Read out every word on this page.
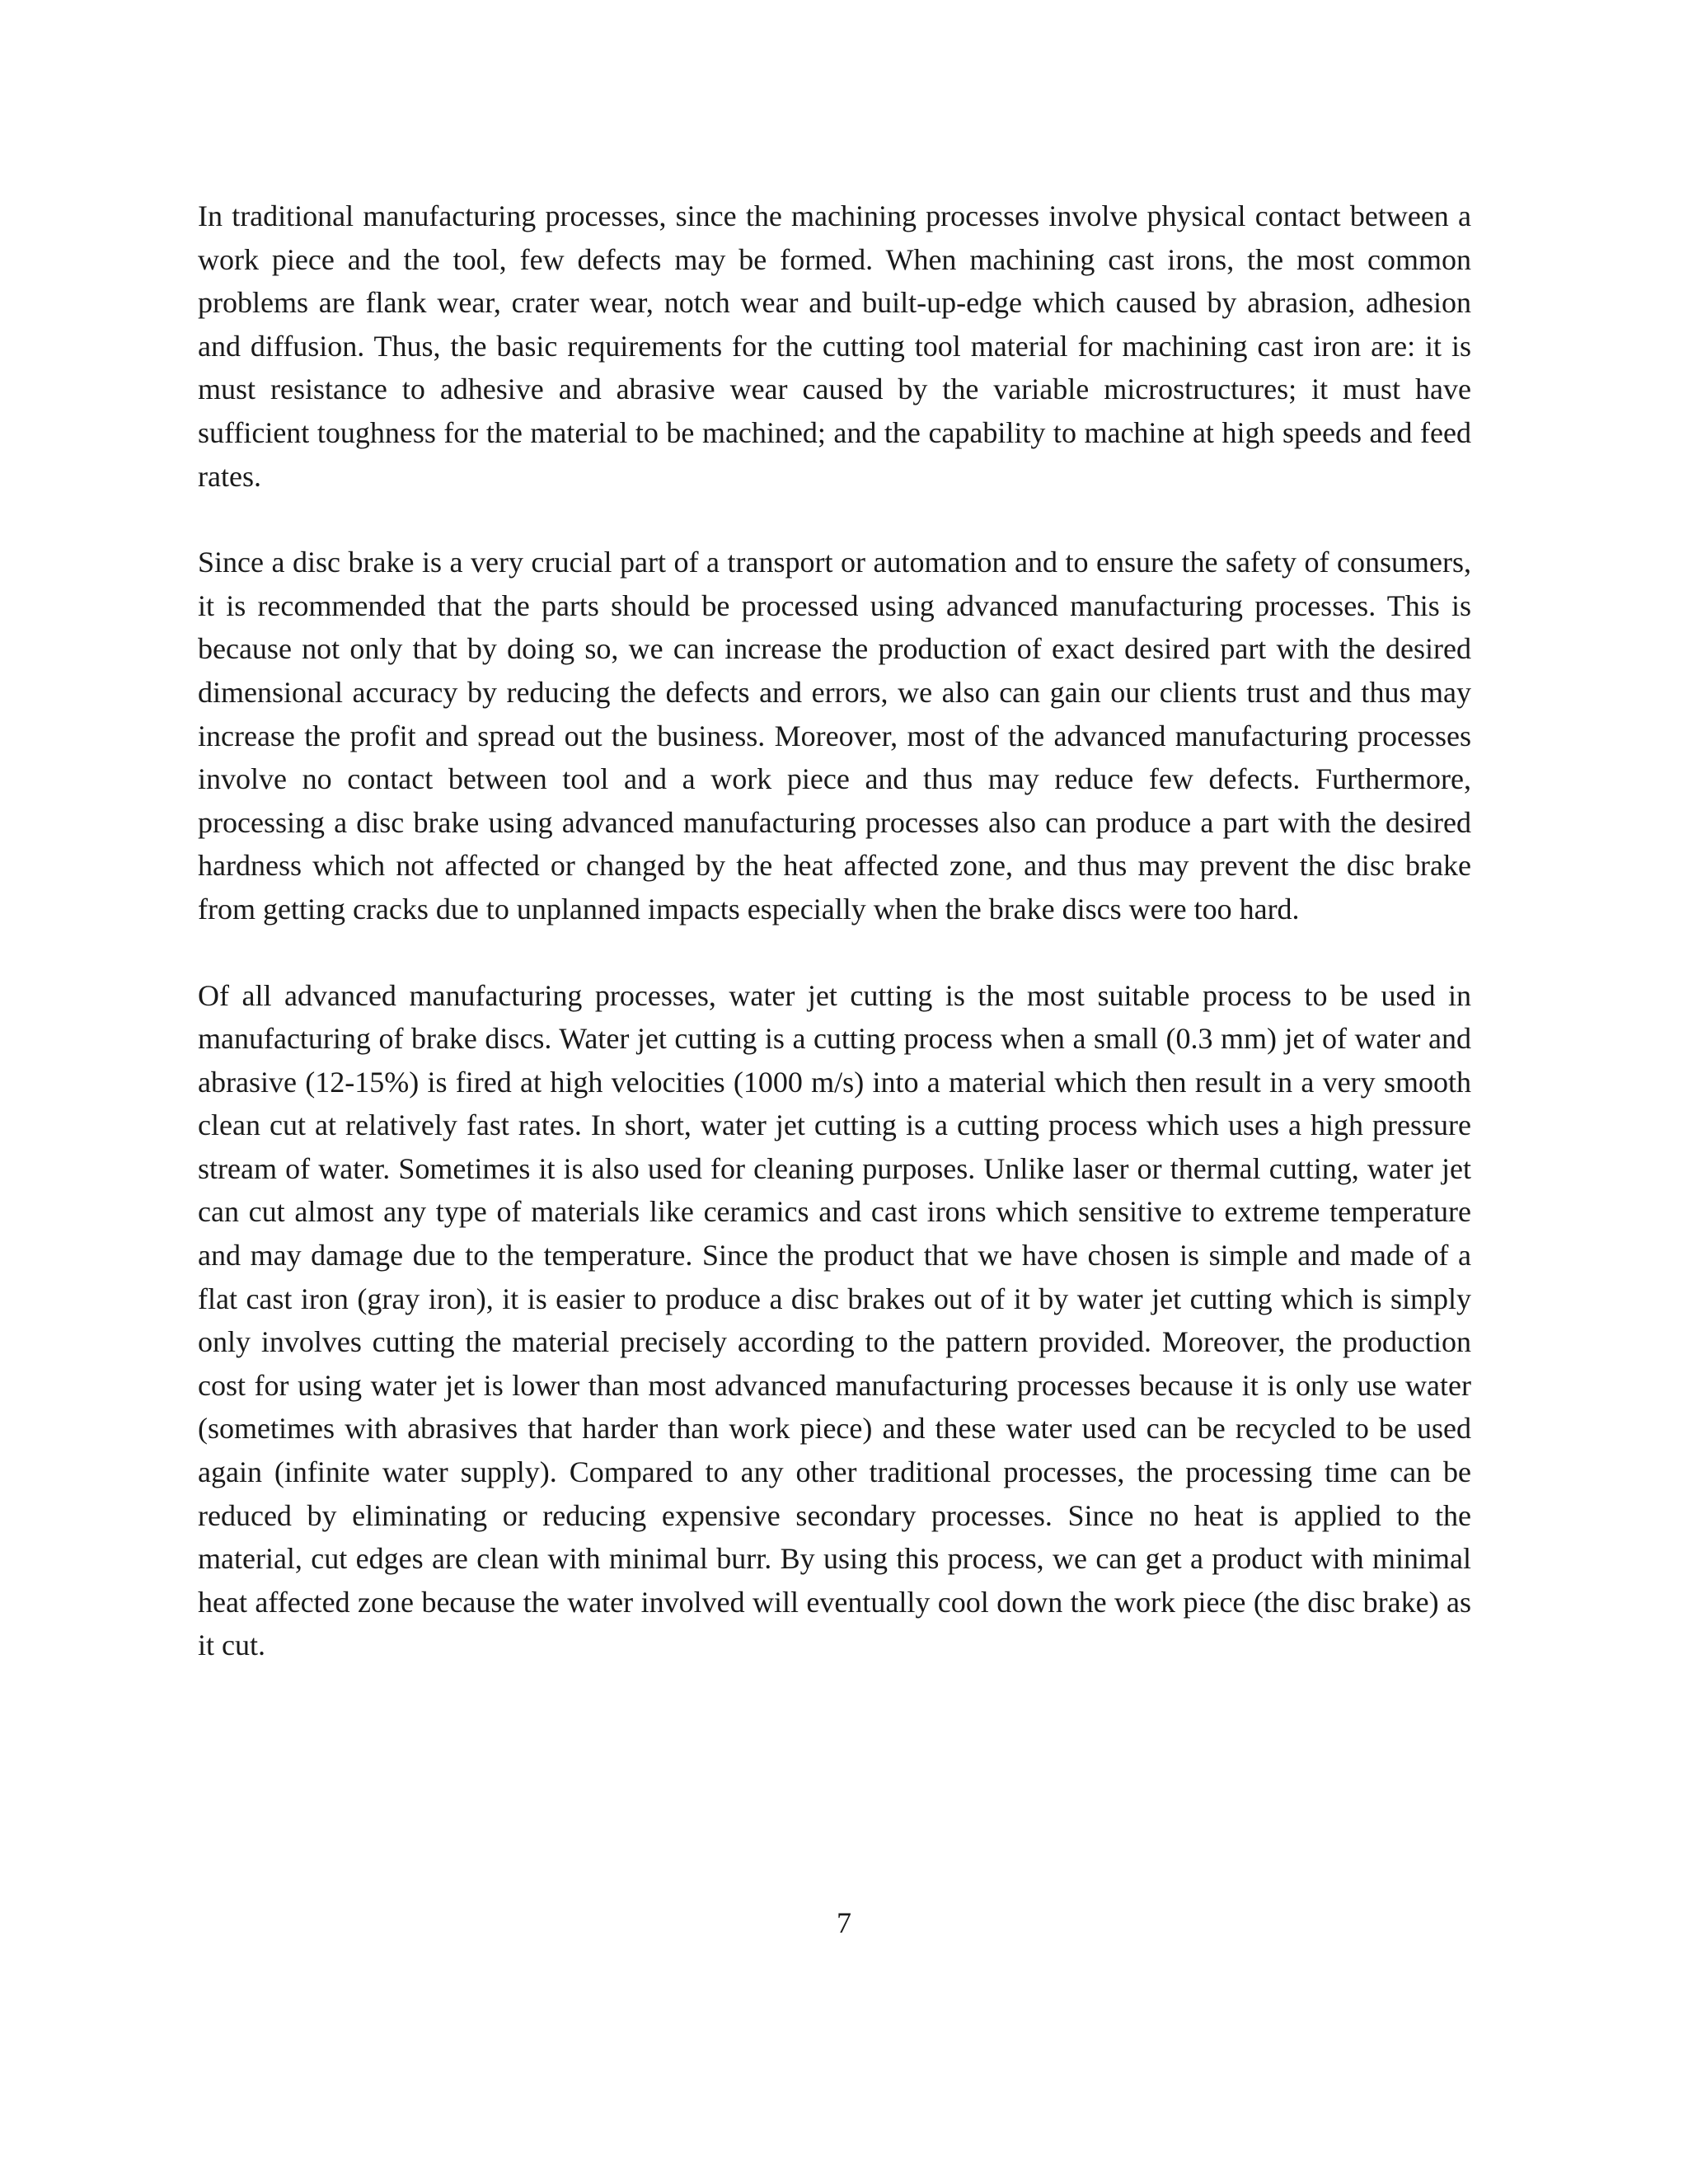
In traditional manufacturing processes, since the machining processes involve physical contact between a work piece and the tool, few defects may be formed. When machining cast irons, the most common problems are flank wear, crater wear, notch wear and built-up-edge which caused by abrasion, adhesion and diffusion. Thus, the basic requirements for the cutting tool material for machining cast iron are: it is must resistance to adhesive and abrasive wear caused by the variable microstructures; it must have sufficient toughness for the material to be machined; and the capability to machine at high speeds and feed rates.

Since a disc brake is a very crucial part of a transport or automation and to ensure the safety of consumers, it is recommended that the parts should be processed using advanced manufacturing processes. This is because not only that by doing so, we can increase the production of exact desired part with the desired dimensional accuracy by reducing the defects and errors, we also can gain our clients trust and thus may increase the profit and spread out the business. Moreover, most of the advanced manufacturing processes involve no contact between tool and a work piece and thus may reduce few defects. Furthermore, processing a disc brake using advanced manufacturing processes also can produce a part with the desired hardness which not affected or changed by the heat affected zone, and thus may prevent the disc brake from getting cracks due to unplanned impacts especially when the brake discs were too hard.

Of all advanced manufacturing processes, water jet cutting is the most suitable process to be used in manufacturing of brake discs. Water jet cutting is a cutting process when a small (0.3 mm) jet of water and abrasive (12-15%) is fired at high velocities (1000 m/s) into a material which then result in a very smooth clean cut at relatively fast rates. In short, water jet cutting is a cutting process which uses a high pressure stream of water. Sometimes it is also used for cleaning purposes. Unlike laser or thermal cutting, water jet can cut almost any type of materials like ceramics and cast irons which sensitive to extreme temperature and may damage due to the temperature. Since the product that we have chosen is simple and made of a flat cast iron (gray iron), it is easier to produce a disc brakes out of it by water jet cutting which is simply only involves cutting the material precisely according to the pattern provided. Moreover, the production cost for using water jet is lower than most advanced manufacturing processes because it is only use water (sometimes with abrasives that harder than work piece) and these water used can be recycled to be used again (infinite water supply). Compared to any other traditional processes, the processing time can be reduced by eliminating or reducing expensive secondary processes. Since no heat is applied to the material, cut edges are clean with minimal burr. By using this process, we can get a product with minimal heat affected zone because the water involved will eventually cool down the work piece (the disc brake) as it cut.

7
